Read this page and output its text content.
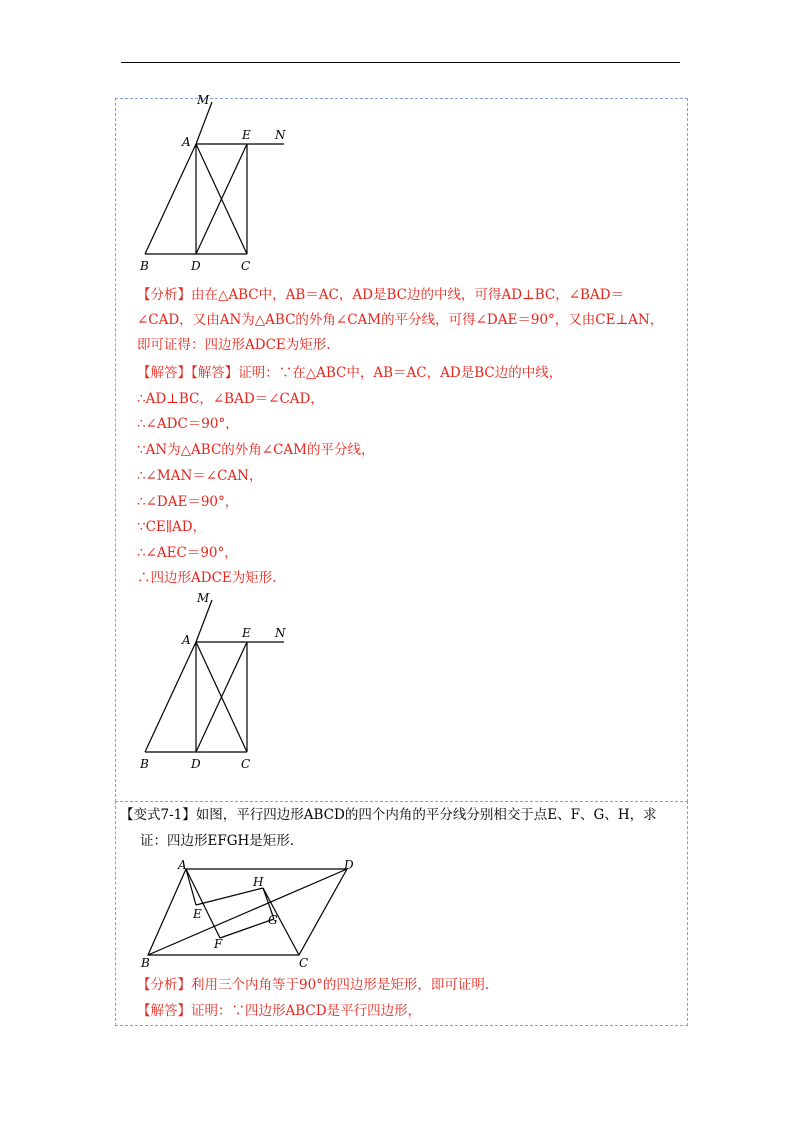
M
A	E N
B	D	C
【分析】由在△ABC中，AB＝AC，AD是BC边的中线，可得AD⊥BC，∠BAD＝
∠CAD，又由AN为△ABC的外角∠CAM的平分线，可得∠DAE＝90°，又由CE⊥AN，
即可证得：四边形ADCE为矩形.
【解答】【解答】证明：∵在△ABC中，AB＝AC，AD是BC边的中线，
∴AD⊥BC，∠BAD＝∠CAD，
∴∠ADC＝90°，
∵AN为△ABC的外角∠CAM的平分线，
∴∠MAN＝∠CAN，
∴∠DAE＝90°，
∵CE∥AD，
∴∠AEC＝90°，
∴四边形ADCE为矩形.
M
A	E N
B	D	C
【变式7-1】如图，平行四边形ABCD的四个内角的平分线分别相交于点E、F、G、H，求
证：四边形EFGH是矩形.
A	D
H
E	G
F
B	C
【分析】利用三个内角等于90°的四边形是矩形，即可证明.
【解答】证明：∵四边形ABCD是平行四边形，
